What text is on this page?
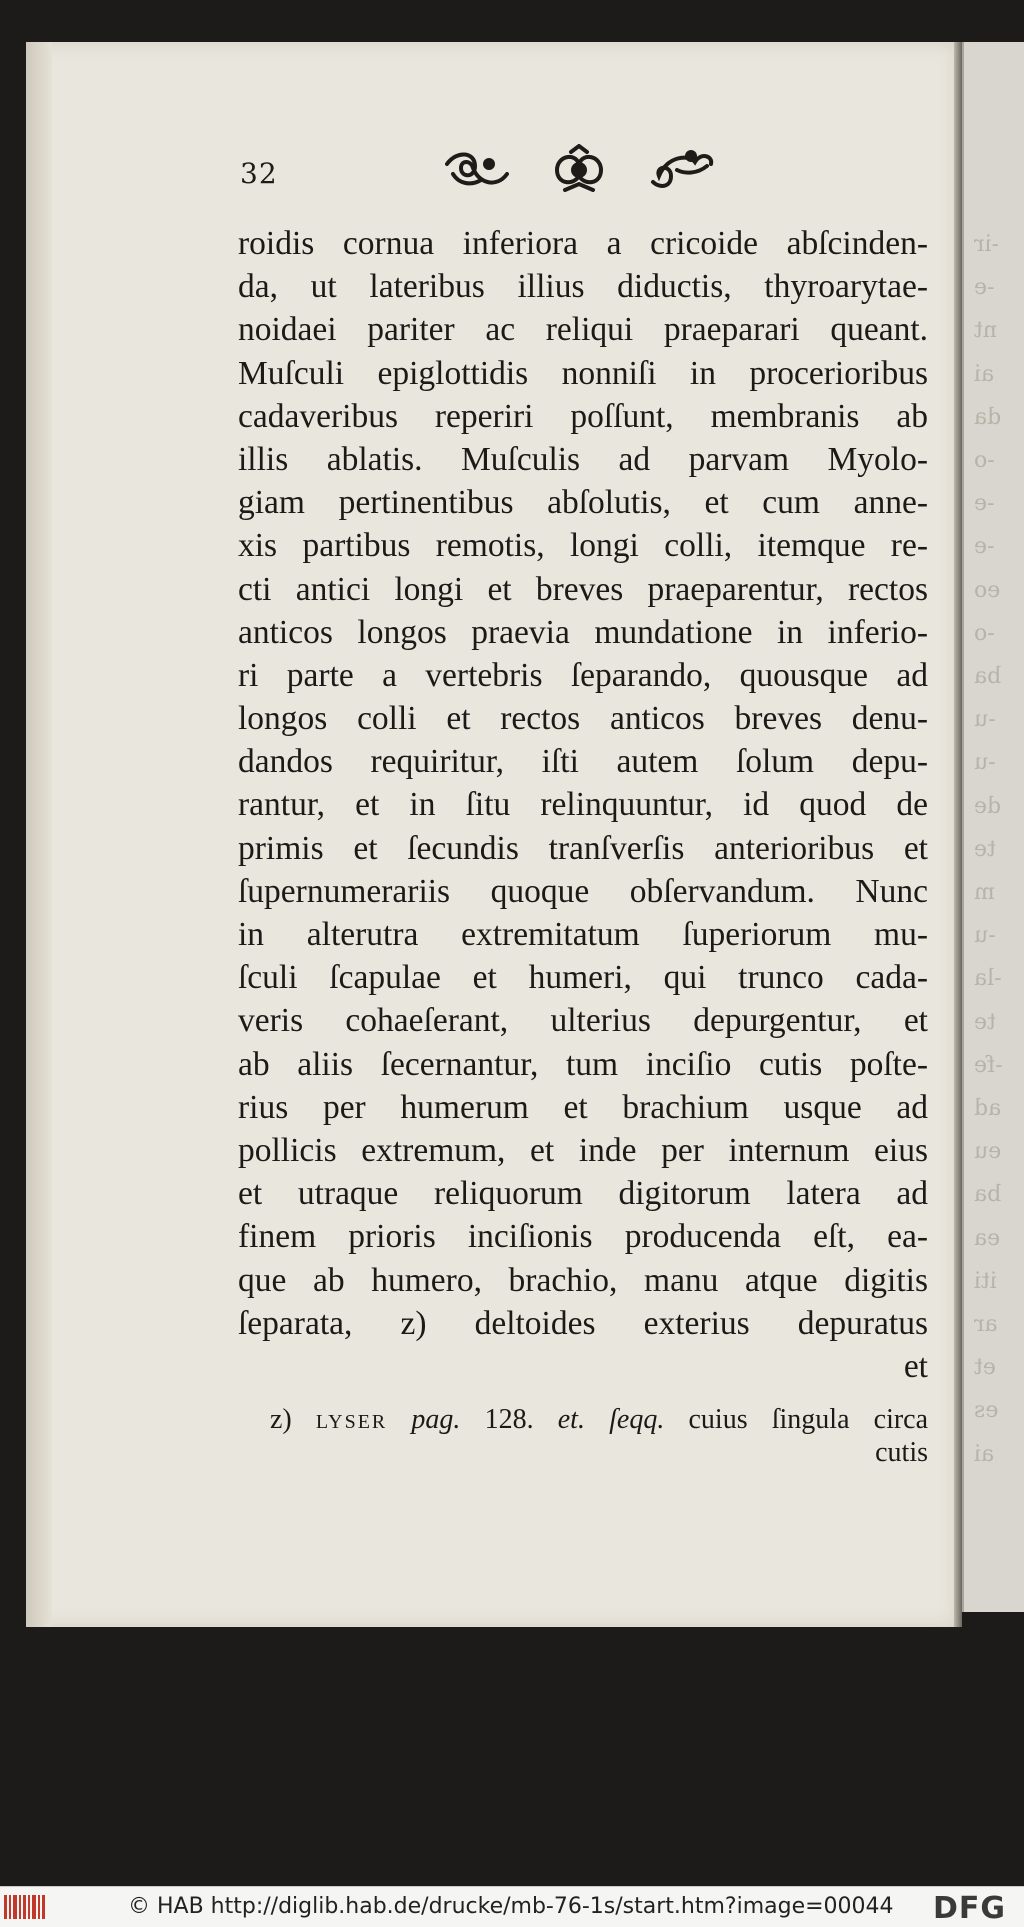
-ir
-e
nt
ai
da
-o
-e
-e
eo
-o
ba
-u
-u
de
te
m
-u
-la
te
-fe
ad
eu
ba
ea
iti
ar
et
es
ai
32
roidis cornua inferiora a cricoide abſcinden-
da, ut lateribus illius diductis, thyroarytae-
noidaei pariter ac reliqui praeparari queant.
Muſculi epiglottidis nonniſi in procerioribus
cadaveribus reperiri poſſunt, membranis ab
illis ablatis. Muſculis ad parvam Myolo-
giam pertinentibus abſolutis, et cum anne-
xis partibus remotis, longi colli, itemque re-
cti antici longi et breves praeparentur, rectos
anticos longos praevia mundatione in inferio-
ri parte a vertebris ſeparando, quousque ad
longos colli et rectos anticos breves denu-
dandos requiritur, iſti autem ſolum depu-
rantur, et in ſitu relinquuntur, id quod de
primis et ſecundis tranſverſis anterioribus et
ſupernumerariis quoque obſervandum. Nunc
in alterutra extremitatum ſuperiorum mu-
ſculi ſcapulae et humeri, qui trunco cada-
veris cohaeſerant, ulterius depurgentur, et
ab aliis ſecernantur, tum inciſio cutis poſte-
rius per humerum et brachium usque ad
pollicis extremum, et inde per internum eius
et utraque reliquorum digitorum latera ad
finem prioris inciſionis producenda eſt, ea-
que ab humero, brachio, manu atque digitis
ſeparata, z) deltoides exterius depuratus
et
z) lyser pag. 128. et. ſeqq. cuius ſingula circa
cutis
© HAB http://diglib.hab.de/drucke/mb-76-1s/start.htm?image=00044 DFG
